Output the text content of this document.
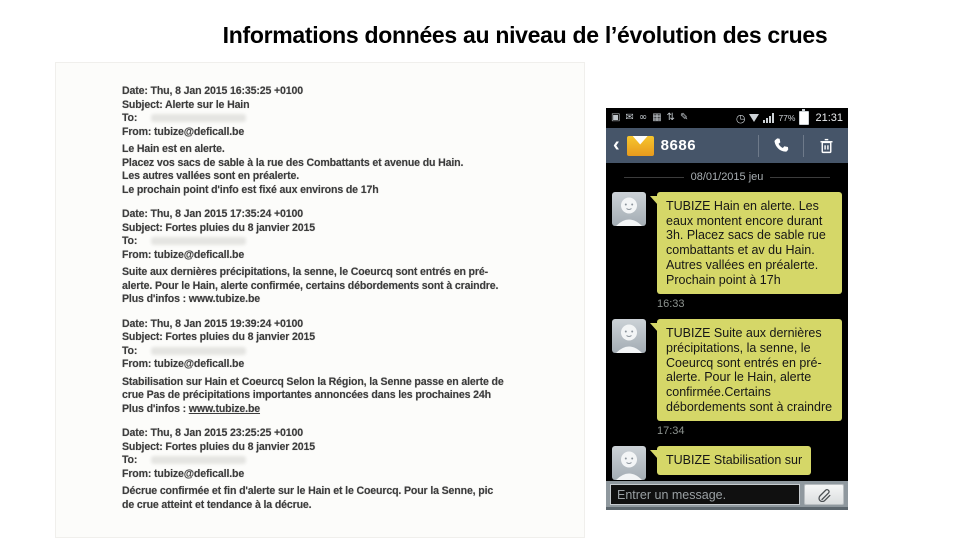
Informations données au niveau de l’évolution des crues
Date: Thu, 8 Jan 2015 16:35:25 +0100
Subject: Alerte sur le Hain
To:
From: tubize@deficall.be
Le Hain est en alerte.
Placez vos sacs de sable à la rue des Combattants et avenue du Hain.
Les autres vallées sont en préalerte.
Le prochain point d'info est fixé aux environs de 17h
Date: Thu, 8 Jan 2015 17:35:24 +0100
Subject: Fortes pluies du 8 janvier 2015
To:
From: tubize@deficall.be
Suite aux dernières précipitations, la senne, le Coeurcq sont entrés en pré-
alerte. Pour le Hain, alerte confirmée, certains débordements sont à craindre.
Plus d'infos : www.tubize.be
Date: Thu, 8 Jan 2015 19:39:24 +0100
Subject: Fortes pluies du 8 janvier 2015
To:
From: tubize@deficall.be
Stabilisation sur Hain et Coeurcq Selon la Région, la Senne passe en alerte de
crue Pas de précipitations importantes annoncées dans les prochaines 24h
Plus d'infos : www.tubize.be
Date: Thu, 8 Jan 2015 23:25:25 +0100
Subject: Fortes pluies du 8 janvier 2015
To:
From: tubize@deficall.be
Décrue confirmée et fin d'alerte sur le Hain et le Coeurcq. Pour la Senne, pic
de crue atteint et tendance à la décrue.
▣ ✉ ∞ ▦ ⇅ ✎	◷	77% 21:31
‹	8686
08/01/2015 jeu
TUBIZE Hain en alerte. Les eaux montent encore durant 3h. Placez sacs de sable rue combattants et av du Hain. Autres vallées en préalerte. Prochain point à 17h
16:33
TUBIZE Suite aux dernières précipitations, la senne, le Coeurcq sont entrés en pré-alerte. Pour le Hain, alerte confirmée.Certains débordements sont à craindre
17:34
TUBIZE Stabilisation sur
Entrer un message.
